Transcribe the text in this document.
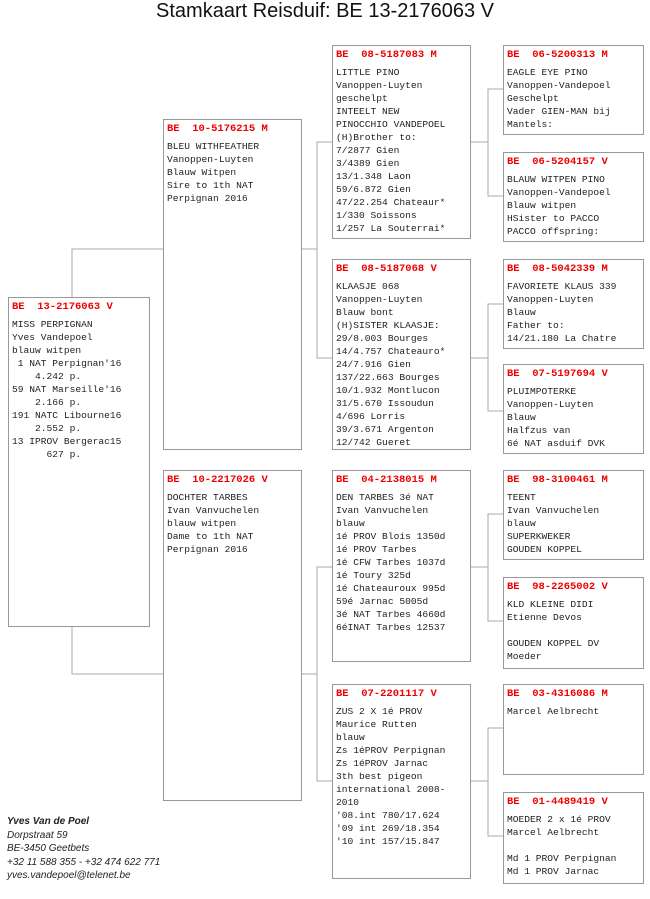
Stamkaart Reisduif: BE 13-2176063 V
BE  13-2176063 V
MISS PERPIGNAN
Yves Vandepoel
blauw witpen
1 NAT Perpignan'16
4.242 p.
59 NAT Marseille'16
2.166 p.
191 NATC Libourne16
2.552 p.
13 IPROV Bergerac15
627 p.
BE  10-5176215 M
BLEU WITHFEATHER
Vanoppen-Luyten
Blauw Witpen
Sire to 1th NAT
Perpignan 2016
BE  10-2217026 V
DOCHTER TARBES
Ivan Vanvuchelen
blauw witpen
Dame to 1th NAT
Perpignan 2016
BE  08-5187083 M
LITTLE PINO
Vanoppen-Luyten
geschelpt
INTEELT NEW
PINOCCHIO VANDEPOEL
(H)Brother to:
7/2877 Gien
3/4389 Gien
13/1.348 Laon
59/6.872 Gien
47/22.254 Chateaur*
1/330 Soissons
1/257 La Souterrai*
BE  08-5187068 V
KLAASJE 068
Vanoppen-Luyten
Blauw bont
(H)SISTER KLAASJE:
29/8.003 Bourges
14/4.757 Chateauro*
24/7.916 Gien
137/22.663 Bourges
10/1.932 Montlucon
31/5.670 Issoudun
4/696 Lorris
39/3.671 Argenton
12/742 Gueret
BE  04-2138015 M
DEN TARBES 3é NAT
Ivan Vanvuchelen
blauw
1é PROV Blois 1350d
1é PROV Tarbes
1é CFW Tarbes 1037d
1é Toury 325d
1é Chateauroux 995d
59é Jarnac 5005d
3é NAT Tarbes 4660d
6éINAT Tarbes 12537
BE  07-2201117 V
ZUS 2 X 1é PROV
Maurice Rutten
blauw
Zs 1éPROV Perpignan
Zs 1éPROV Jarnac
3th best pigeon
international 2008-
2010
'08.int 780/17.624
'09 int 269/18.354
'10 int 157/15.847
BE  06-5200313 M
EAGLE EYE PINO
Vanoppen-Vandepoel
Geschelpt
Vader GIEN-MAN bij
Mantels:
BE  06-5204157 V
BLAUW WITPEN PINO
Vanoppen-Vandepoel
Blauw witpen
HSister to PACCO
PACCO offspring:
BE  08-5042339 M
FAVORIETE KLAUS 339
Vanoppen-Luyten
Blauw
Father to:
14/21.180 La Chatre
BE  07-5197694 V
PLUIMPOTERKE
Vanoppen-Luyten
Blauw
Halfzus van
6é NAT asduif DVK
BE  98-3100461 M
TEENT
Ivan Vanvuchelen
blauw
SUPERKWEKER
GOUDEN KOPPEL
BE  98-2265002 V
KLD KLEINE DIDI
Etienne Devos

GOUDEN KOPPEL DV
Moeder
BE  03-4316086 M
Marcel Aelbrecht
BE  01-4489419 V
MOEDER 2 x 1é PROV
Marcel Aelbrecht

Md 1 PROV Perpignan
Md 1 PROV Jarnac
Yves Van de Poel
Dorpstraat 59
BE-3450 Geetbets
+32 11 588 355 - +32 474 622 771
yves.vandepoel@telenet.be
